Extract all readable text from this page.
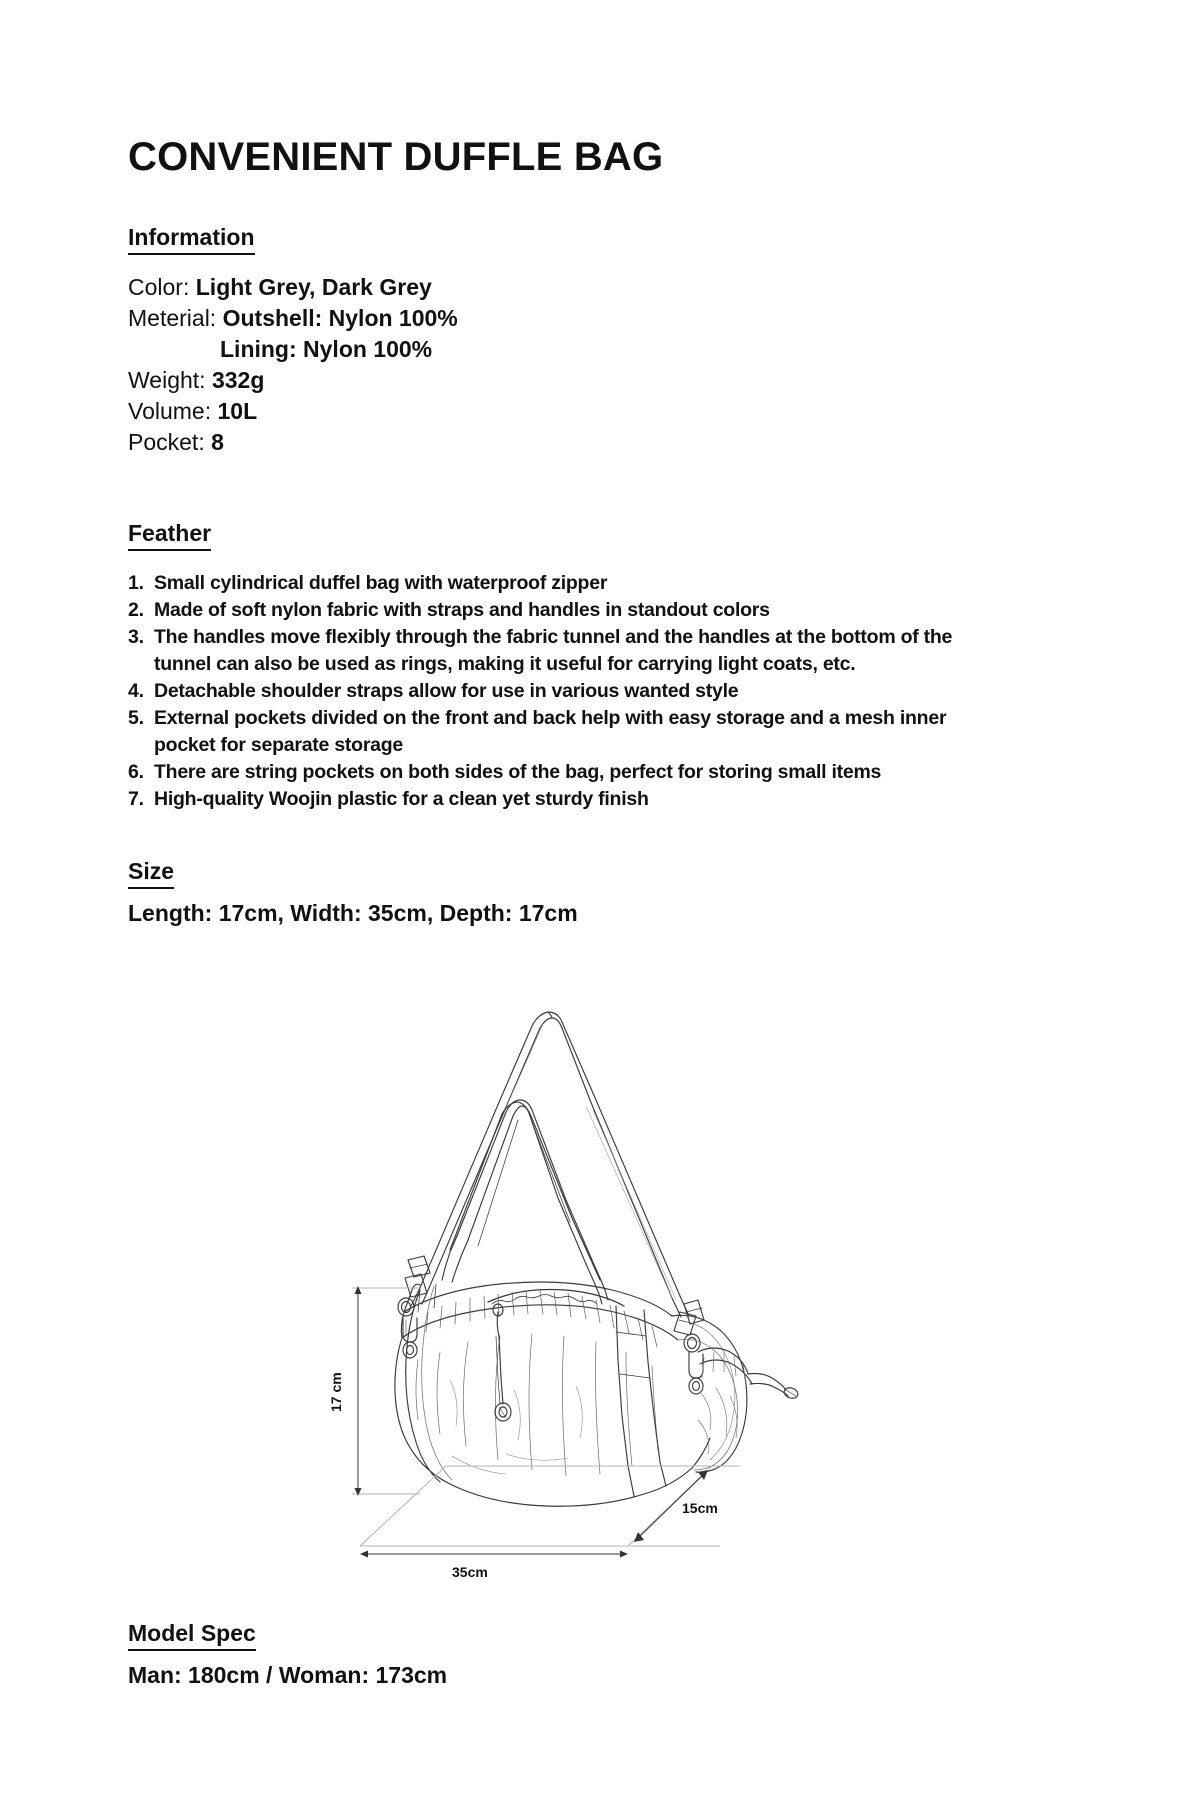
CONVENIENT DUFFLE BAG
Information
Color: Light Grey, Dark Grey
Meterial: Outshell: Nylon 100%
Lining: Nylon 100%
Weight: 332g
Volume: 10L
Pocket: 8
Feather
1. Small cylindrical duffel bag with waterproof zipper
2. Made of soft nylon fabric with straps and handles in standout colors
3. The handles move flexibly through the fabric tunnel and the handles at the bottom of the tunnel can also be used as rings, making it useful for carrying light coats, etc.
4. Detachable shoulder straps allow for use in various wanted style
5. External pockets divided on the front and back help with easy storage and a mesh inner pocket for separate storage
6. There are string pockets on both sides of the bag, perfect for storing small items
7. High-quality Woojin plastic for a clean yet sturdy finish
Size
Length: 17cm, Width: 35cm, Depth: 17cm
17 cm
35cm
15cm
Model Spec
Man: 180cm / Woman: 173cm
